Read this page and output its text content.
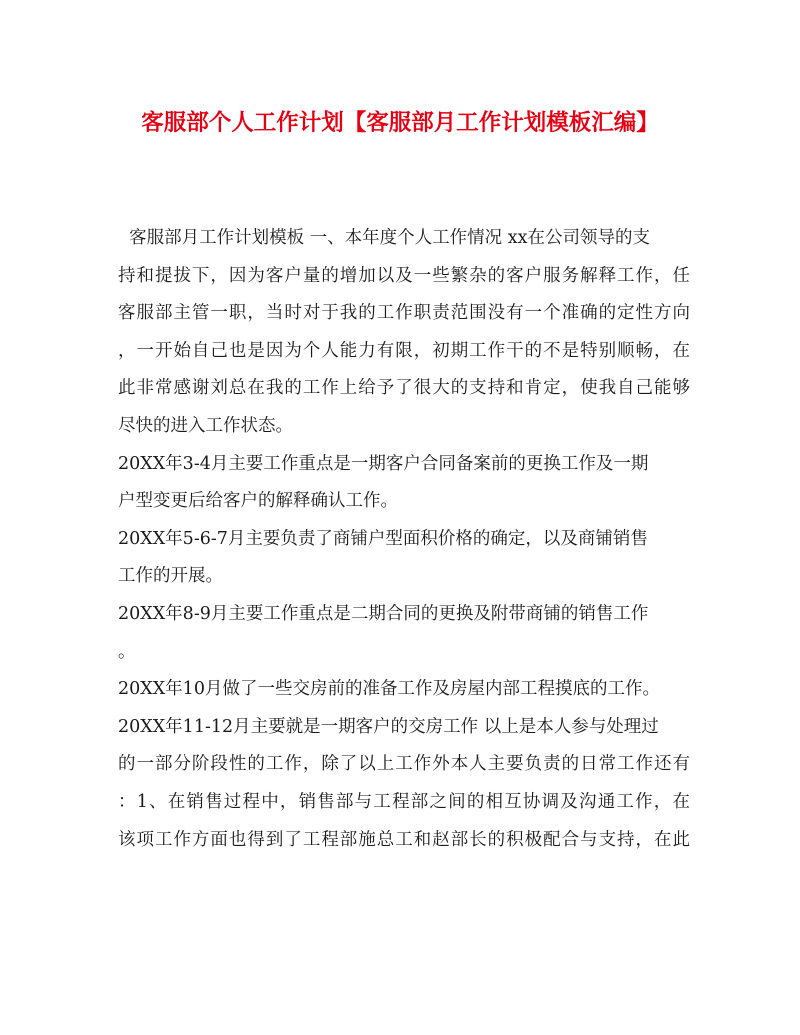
客服部个人工作计划【客服部月工作计划模板汇编】
客服部月工作计划模板 一、本年度个人工作情况 xx在公司领导的支
持和提拔下，因为客户量的增加以及一些繁杂的客户服务解释工作，任
客服部主管一职，当时对于我的工作职责范围没有一个准确的定性方向
，一开始自己也是因为个人能力有限，初期工作干的不是特别顺畅，在
此非常感谢刘总在我的工作上给予了很大的支持和肯定，使我自己能够
尽快的进入工作状态。
20XX年3-4月主要工作重点是一期客户合同备案前的更换工作及一期
户型变更后给客户的解释确认工作。
20XX年5-6-7月主要负责了商铺户型面积价格的确定，以及商铺销售
工作的开展。
20XX年8-9月主要工作重点是二期合同的更换及附带商铺的销售工作
。
20XX年10月做了一些交房前的准备工作及房屋内部工程摸底的工作。
20XX年11-12月主要就是一期客户的交房工作 以上是本人参与处理过
的一部分阶段性的工作，除了以上工作外本人主要负责的日常工作还有
：1、在销售过程中，销售部与工程部之间的相互协调及沟通工作，在
该项工作方面也得到了工程部施总工和赵部长的积极配合与支持，在此
